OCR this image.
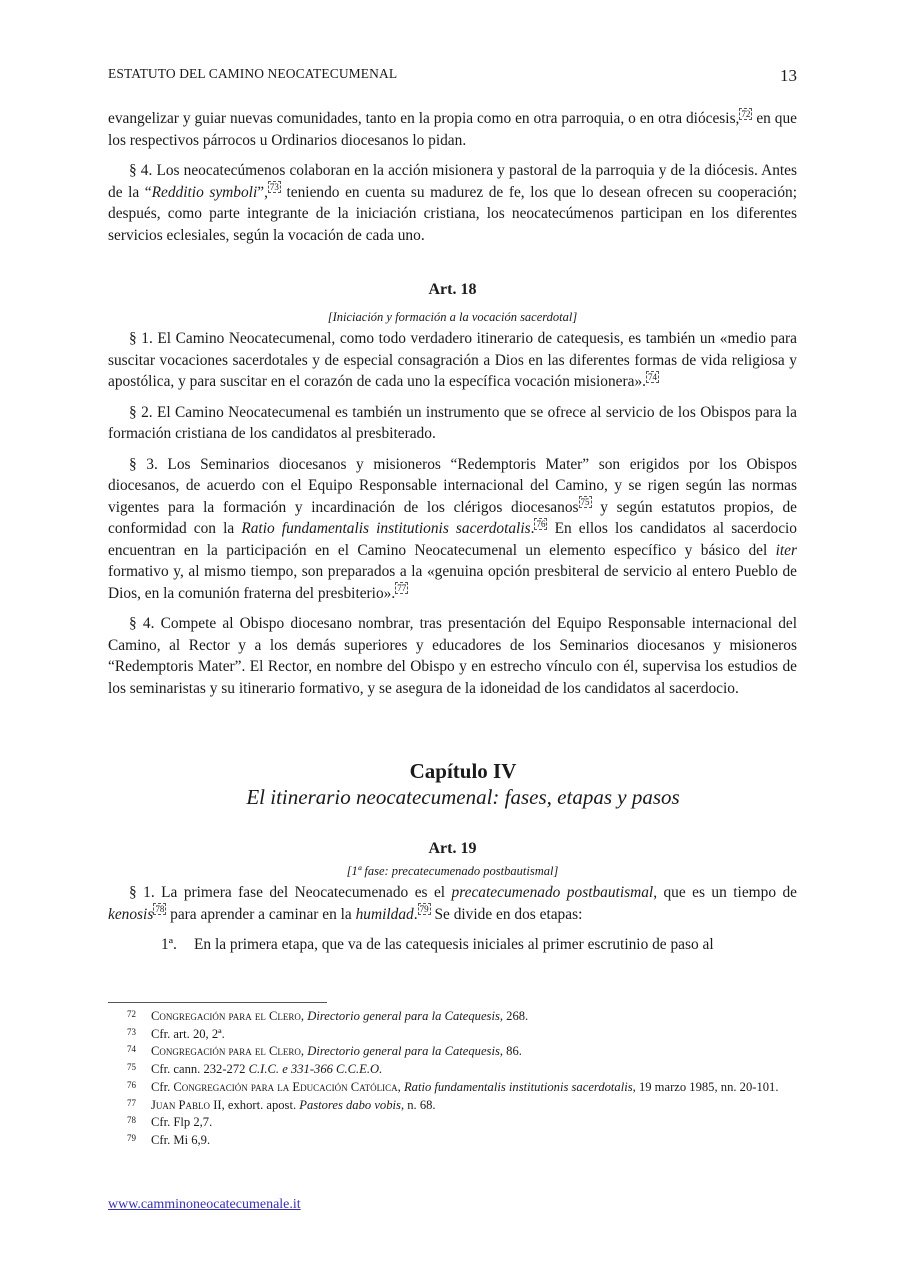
ESTATUTO DEL CAMINO NEOCATECUMENAL	13

evangelizar y guiar nuevas comunidades, tanto en la propia como en otra parroquia, o en otra diócesis, $^{72}$ en que los respectivos párrocos u Ordinarios diocesanos lo pidan.

§ 4. Los neocatecúmenos colaboran en la acción misionera y pastoral de la parroquia y de la diócesis. Antes de la “Redditio symboli”, $^{73}$ teniendo en cuenta su madurez de fe, los que lo desean ofrecen su cooperación; después, como parte integrante de la iniciación cristiana, los neocatecúmenos participan en los diferentes servicios eclesiales, según la vocación de cada uno.

Art. 18

[Iniciación y formación a la vocación sacerdotal]

§ 1. El Camino Neocatecumenal, como todo verdadero itinerario de catequesis, es también un «medio para suscitar vocaciones sacerdotales y de especial consagración a Dios en las diferentes formas de vida religiosa y apostólica, y para suscitar en el corazón de cada uno la específica vocación misionera». $^{74}$

§ 2. El Camino Neocatecumenal es también un instrumento que se ofrece al servicio de los Obispos para la formación cristiana de los candidatos al presbiterado.

§ 3. Los Seminarios diocesanos y misioneros “Redemptoris Mater” son erigidos por los Obispos diocesanos, de acuerdo con el Equipo Responsable internacional del Camino, y se rigen según las normas vigentes para la formación y incardinación de los clérigos diocesanos $^{75}$ y según estatutos propios, de conformidad con la Ratio fundamentalis institutionis sacerdotalis. $^{76}$ En ellos los candidatos al sacerdocio encuentran en la participación en el Camino Neocatecumenal un elemento específico y básico del iter formativo y, al mismo tiempo, son preparados a la «genuina opción presbiteral de servicio al entero Pueblo de Dios, en la comunión fraterna del presbiterio». $^{77}$

§ 4. Compete al Obispo diocesano nombrar, tras presentación del Equipo Responsable internacional del Camino, al Rector y a los demás superiores y educadores de los Seminarios diocesanos y misioneros “Redemptoris Mater”. El Rector, en nombre del Obispo y en estrecho vínculo con él, supervisa los estudios de los seminaristas y su itinerario formativo, y se asegura de la idoneidad de los candidatos al sacerdocio.

Capítulo IV

El itinerario neocatecumenal: fases, etapas y pasos

Art. 19

[1ª fase: precatecumenado postbautismal]

§ 1. La primera fase del Neocatecumenado es el precatecumenado postbautismal, que es un tiempo de kenosis $^{78}$ para aprender a caminar en la humildad. $^{79}$ Se divide en dos etapas:

1ª. En la primera etapa, que va de las catequesis iniciales al primer escrutinio de paso al

72 Congregación para el Clero, Directorio general para la Catequesis, 268.
73 Cfr. art. 20, 2ª.
74 Congregación para el Clero, Directorio general para la Catequesis, 86.
75 Cfr. cann. 232-272 C.I.C. e 331-366 C.C.E.O.
76 Cfr. Congregación para la Educación Católica, Ratio fundamentalis institutionis sacerdotalis, 19 marzo 1985, nn. 20-101.
77 Juan Pablo II, exhort. apost. Pastores dabo vobis, n. 68.
78 Cfr. Flp 2,7.
79 Cfr. Mi 6,9.
www.camminoneocatecumenale.it
